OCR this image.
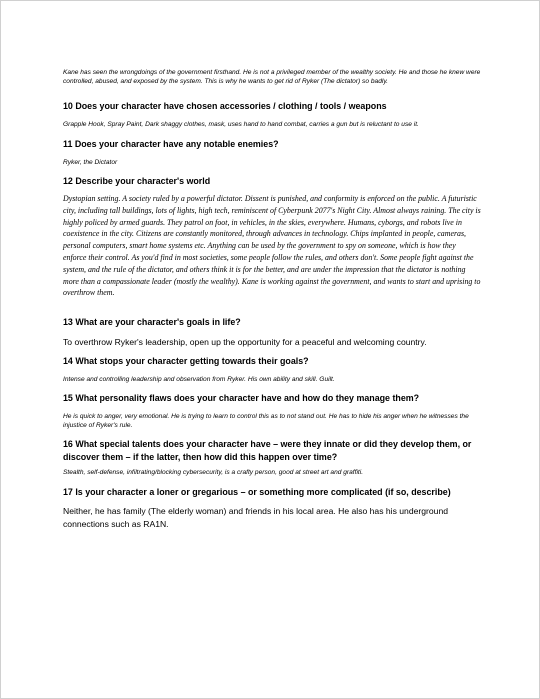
Kane has seen the wrongdoings of the government firsthand. He is not a privileged member of the wealthy society. He and those he knew were controlled, abused, and exposed by the system. This is why he wants to get rid of Ryker (The dictator) so badly.

10 Does your character have chosen accessories / clothing / tools / weapons

Grapple Hook, Spray Paint, Dark shaggy clothes, mask, uses hand to hand combat, carries a gun but is reluctant to use it.

11 Does your character have any notable enemies?

Ryker, the Dictator

12 Describe your character's world

Dystopian setting. A society ruled by a powerful dictator. Dissent is punished, and conformity is enforced on the public. A futuristic city, including tall buildings, lots of lights, high tech, reminiscent of Cyberpunk 2077's Night City. Almost always raining. The city is highly policed by armed guards. They patrol on foot, in vehicles, in the skies, everywhere. Humans, cyborgs, and robots live in coexistence in the city. Citizens are constantly monitored, through advances in technology. Chips implanted in people, cameras, personal computers, smart home systems etc. Anything can be used by the government to spy on someone, which is how they enforce their control. As you'd find in most societies, some people follow the rules, and others don't. Some people fight against the system, and the rule of the dictator, and others think it is for the better, and are under the impression that the dictator is nothing more than a compassionate leader (mostly the wealthy). Kane is working against the government, and wants to start and uprising to overthrow them.

13 What are your character's goals in life?

To overthrow Ryker's leadership, open up the opportunity for a peaceful and welcoming country.

14 What stops your character getting towards their goals?

Intense and controlling leadership and observation from Ryker. His own ability and skill. Guilt.

15 What personality flaws does your character have and how do they manage them?

He is quick to anger, very emotional. He is trying to learn to control this as to not stand out. He has to hide his anger when he witnesses the injustice of Ryker's rule.

16 What special talents does your character have – were they innate or did they develop them, or discover them – if the latter, then how did this happen over time?

Stealth, self-defense, infiltrating/blocking cybersecurity, is a crafty person, good at street art and graffiti.

17 Is your character a loner or gregarious – or something more complicated (if so, describe)

Neither, he has family (The elderly woman) and friends in his local area. He also has his underground connections such as RA1N.
